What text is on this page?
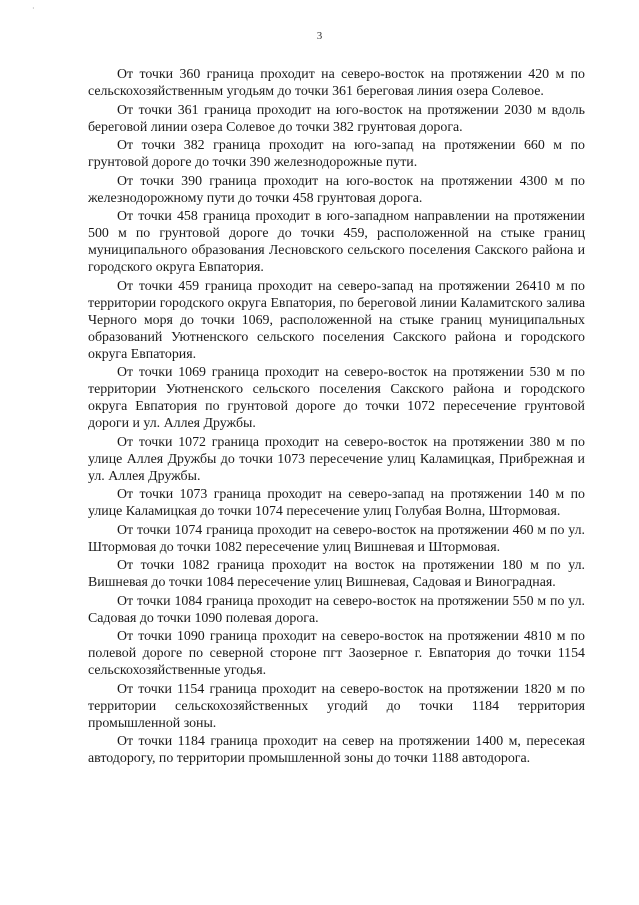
·
3

От точки 360 граница проходит на северо-восток на протяжении 420 м по сельскохозяйственным угодьям до точки 361 береговая линия озера Солевое.

От точки 361 граница проходит на юго-восток на протяжении 2030 м вдоль береговой линии озера Солевое до точки 382 грунтовая дорога.

От точки 382 граница проходит на юго-запад на протяжении 660 м по грунтовой дороге до точки 390 железнодорожные пути.

От точки 390 граница проходит на юго-восток на протяжении 4300 м по железнодорожному пути до точки 458 грунтовая дорога.

От точки 458 граница проходит в юго-западном направлении на протяжении 500 м по грунтовой дороге до точки 459, расположенной на стыке границ муниципального образования Лесновского сельского поселения Сакского района и городского округа Евпатория.

От точки 459 граница проходит на северо-запад на протяжении 26410 м по территории городского округа Евпатория, по береговой линии Каламитского залива Черного моря до точки 1069, расположенной на стыке границ муниципальных образований Уютненского сельского поселения Сакского района и городского округа Евпатория.

От точки 1069 граница проходит на северо-восток на протяжении 530 м по территории Уютненского сельского поселения Сакского района и городского округа Евпатория по грунтовой дороге до точки 1072 пересечение грунтовой дороги и ул. Аллея Дружбы.

От точки 1072 граница проходит на северо-восток на протяжении 380 м по улице Аллея Дружбы до точки 1073 пересечение улиц Каламицкая, Прибрежная и ул. Аллея Дружбы.

От точки 1073 граница проходит на северо-запад на протяжении 140 м по улице Каламицкая до точки 1074 пересечение улиц Голубая Волна, Штормовая.

От точки 1074 граница проходит на северо-восток на протяжении 460 м по ул. Штормовая до точки 1082 пересечение улиц Вишневая и Штормовая.

От точки 1082 граница проходит на восток на протяжении 180 м по ул. Вишневая до точки 1084 пересечение улиц Вишневая, Садовая и Виноградная.

От точки 1084 граница проходит на северо-восток на протяжении 550 м по ул. Садовая до точки 1090 полевая дорога.

От точки 1090 граница проходит на северо-восток на протяжении 4810 м по полевой дороге по северной стороне пгт Заозерное г. Евпатория до точки 1154 сельскохозяйственные угодья.

От точки 1154 граница проходит на северо-восток на протяжении 1820 м по территории сельскохозяйственных угодий до точки 1184 территория промышленной зоны.

От точки 1184 граница проходит на север на протяжении 1400 м, пересекая автодорогу, по территории промышленной зоны до точки 1188 автодорога.
